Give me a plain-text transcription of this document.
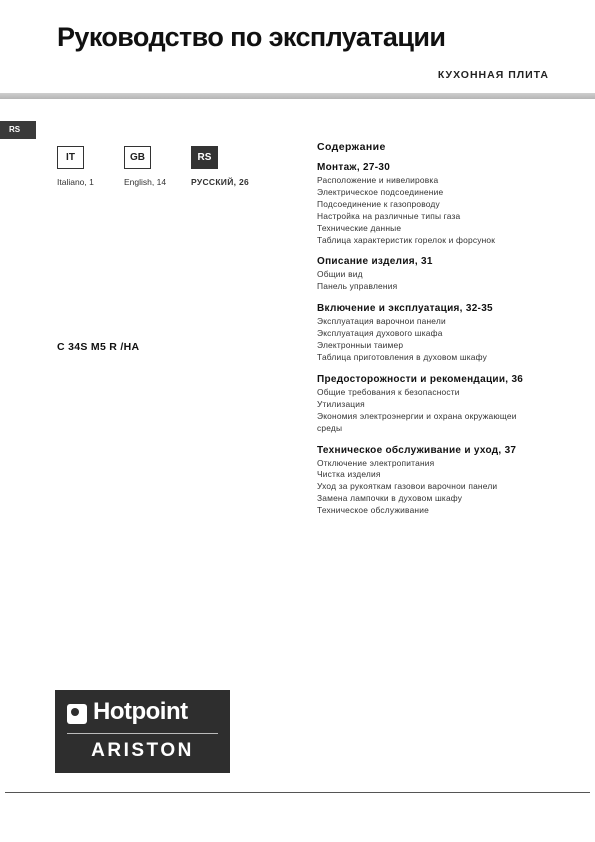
Руководство по эксплуатации
КУХОННАЯ ПЛИТА
RS
IT	GB	RS
Italiano, 1	English, 14	РУССКИЙ, 26
C 34S M5 R /HA
Содержание
Монтаж, 27-30
Расположение и нивелировка
Электрическое подсоединение
Подсоединение к газопроводу
Настройка на различные типы газа
Технические данные
Таблица характеристик горелок и форсунок
Описание изделия, 31
Общии вид
Панель управления
Включение и эксплуатация, 32-35
Эксплуатация варочнои панели
Эксплуатация духового шкафа
Электронныи таимер
Таблица приготовления в духовом шкафу
Предосторожности и рекомендации, 36
Общие требования к безопасности
Утилизация
Экономия электроэнергии и охрана окружающеи
среды
Техническое обслуживание и уход, 37
Отключение электропитания
Чистка изделия
Уход за рукояткам газовои варочнои панели
Замена лампочки в духовом шкафу
Техническое обслуживание
Hotpoint
ARISTON
